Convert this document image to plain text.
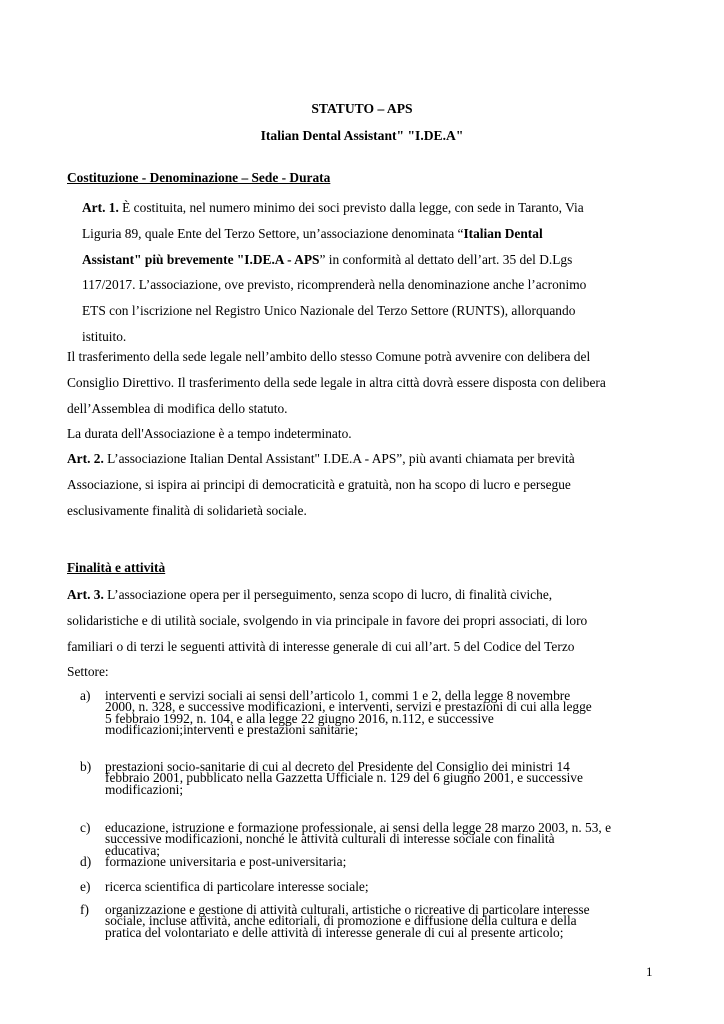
STATUTO – APS

Italian Dental Assistant" "I.DE.A"

Costituzione - Denominazione – Sede - Durata

Art. 1. È costituita, nel numero minimo dei soci previsto dalla legge, con sede in Taranto, Via
Liguria 89, quale Ente del Terzo Settore, un’associazione denominata “Italian Dental
Assistant" più brevemente "I.DE.A - APS” in conformità al dettato dell’art. 35 del D.Lgs
117/2017. L’associazione, ove previsto, ricomprenderà nella denominazione anche l’acronimo
ETS con l’iscrizione nel Registro Unico Nazionale del Terzo Settore (RUNTS), allorquando
istituito.

Il trasferimento della sede legale nell’ambito dello stesso Comune potrà avvenire con delibera del
Consiglio Direttivo. Il trasferimento della sede legale in altra città dovrà essere disposta con delibera
dell’Assemblea di modifica dello statuto.

La durata dell'Associazione è a tempo indeterminato.

Art. 2. L’associazione Italian Dental Assistant" I.DE.A - APS”, più avanti chiamata per brevità
Associazione, si ispira ai principi di democraticità e gratuità, non ha scopo di lucro e persegue
esclusivamente finalità di solidarietà sociale.

Finalità e attività

Art. 3. L’associazione opera per il perseguimento, senza scopo di lucro, di finalità civiche,
solidaristiche e di utilità sociale, svolgendo in via principale in favore dei propri associati, di loro
familiari o di terzi le seguenti attività di interesse generale di cui all’art. 5 del Codice del Terzo
Settore:

a) interventi e servizi sociali ai sensi dell’articolo 1, commi 1 e 2, della legge 8 novembre
2000, n. 328, e successive modificazioni, e interventi, servizi e prestazioni di cui alla legge
5 febbraio 1992, n. 104, e alla legge 22 giugno 2016, n.112, e successive
modificazioni;interventi e prestazioni sanitarie;
b) prestazioni socio-sanitarie di cui al decreto del Presidente del Consiglio dei ministri 14
febbraio 2001, pubblicato nella Gazzetta Ufficiale n. 129 del 6 giugno 2001, e successive
modificazioni;
c) educazione, istruzione e formazione professionale, ai sensi della legge 28 marzo 2003, n. 53, e
successive modificazioni, nonché le attività culturali di interesse sociale con finalità
educativa;
d) formazione universitaria e post-universitaria;
e) ricerca scientifica di particolare interesse sociale;
f) organizzazione e gestione di attività culturali, artistiche o ricreative di particolare interesse
sociale, incluse attività, anche editoriali, di promozione e diffusione della cultura e della
pratica del volontariato e delle attività di interesse generale di cui al presente articolo;
1
